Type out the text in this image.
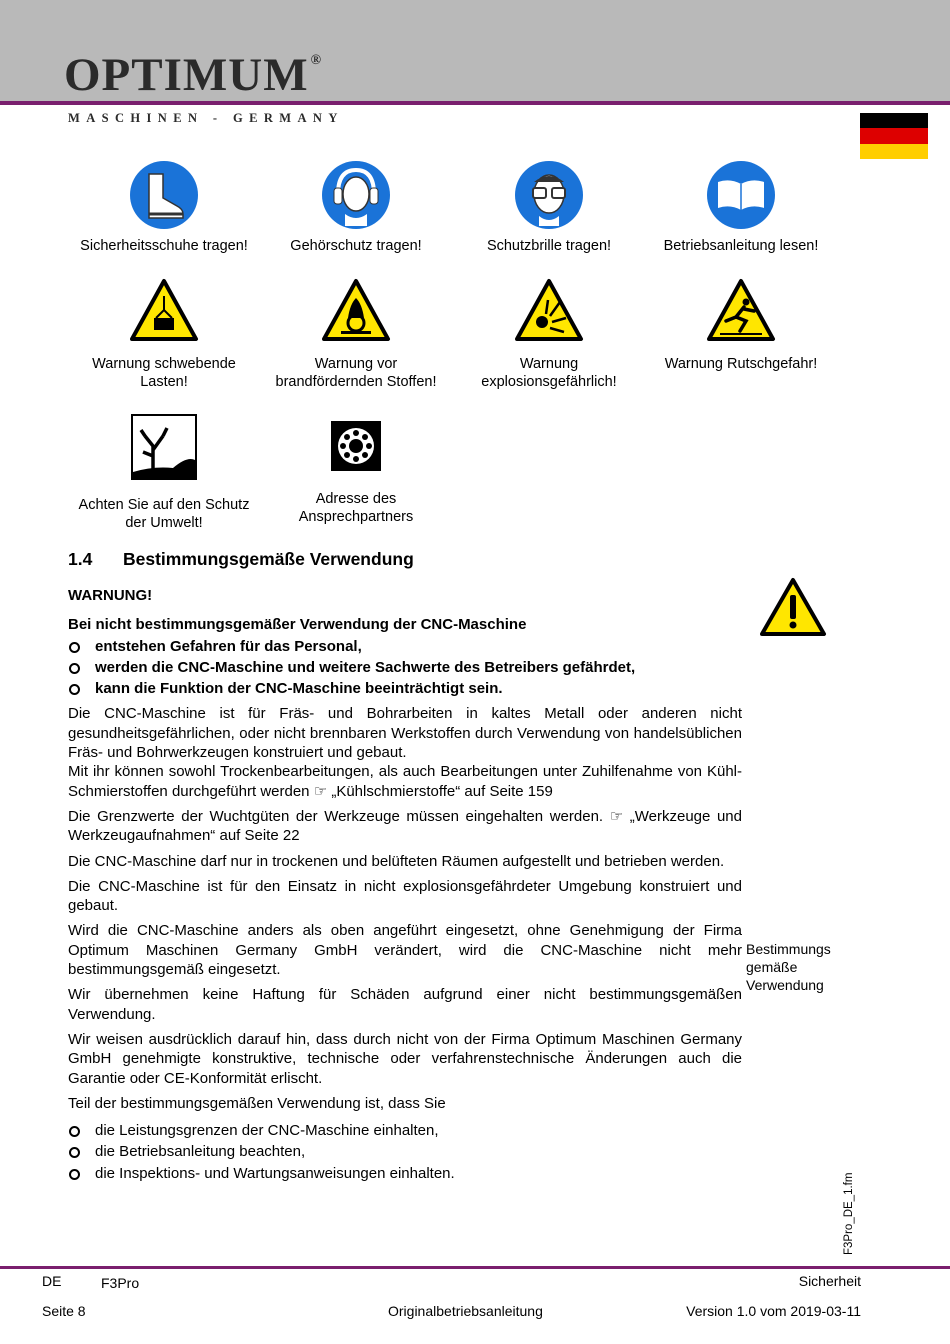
OPTIMUM ®
MASCHINEN - GERMANY
Sicherheitsschuhe tragen!	Gehörschutz tragen!	Schutzbrille tragen!	Betriebsanleitung lesen!
Warnung schwebende Lasten!
Warnung vor brandfördernden Stoffen!
Warnung explosionsgefährlich!
Warnung Rutschgefahr!
Achten Sie auf den Schutz der Umwelt!
Adresse des Ansprechpartners
1.4 Bestimmungsgemäße Verwendung

WARNUNG!

Bei nicht bestimmungsgemäßer Verwendung der CNC-Maschine

entstehen Gefahren für das Personal,
werden die CNC-Maschine und weitere Sachwerte des Betreibers gefährdet,
kann die Funktion der CNC-Maschine beeinträchtigt sein.

Die CNC-Maschine ist für Fräs- und Bohrarbeiten in kaltes Metall oder anderen nicht gesundheitsgefährlichen, oder nicht brennbaren Werkstoffen durch Verwendung von handelsüblichen Fräs- und Bohrwerkzeugen konstruiert und gebaut.

Mit ihr können sowohl Trockenbearbeitungen, als auch Bearbeitungen unter Zuhilfenahme von Kühl-Schmierstoffen durchgeführt werden ☞ „Kühlschmierstoffe“ auf Seite 159

Die Grenzwerte der Wuchtgüten der Werkzeuge müssen eingehalten werden. ☞ „Werkzeuge und Werkzeugaufnahmen“ auf Seite 22

Die CNC-Maschine darf nur in trockenen und belüfteten Räumen aufgestellt und betrieben werden.

Die CNC-Maschine ist für den Einsatz in nicht explosionsgefährdeter Umgebung konstruiert und gebaut.

Wird die CNC-Maschine anders als oben angeführt eingesetzt, ohne Genehmigung der Firma Optimum Maschinen Germany GmbH verändert, wird die CNC-Maschine nicht mehr bestimmungsgemäß eingesetzt.

Wir übernehmen keine Haftung für Schäden aufgrund einer nicht bestimmungsgemäßen Verwendung.

Wir weisen ausdrücklich darauf hin, dass durch nicht von der Firma Optimum Maschinen Germany GmbH genehmigte konstruktive, technische oder verfahrenstechnische Änderungen auch die Garantie oder CE-Konformität erlischt.

Teil der bestimmungsgemäßen Verwendung ist, dass Sie

die Leistungsgrenzen der CNC-Maschine einhalten,
die Betriebsanleitung beachten,
die Inspektions- und Wartungsanweisungen einhalten.
Bestimmungs gemäße Verwendung
F3Pro_DE_1.fm
DE	F3Pro	Sicherheit
Seite 8	Originalbetriebsanleitung	Version 1.0 vom 2019-03-11
